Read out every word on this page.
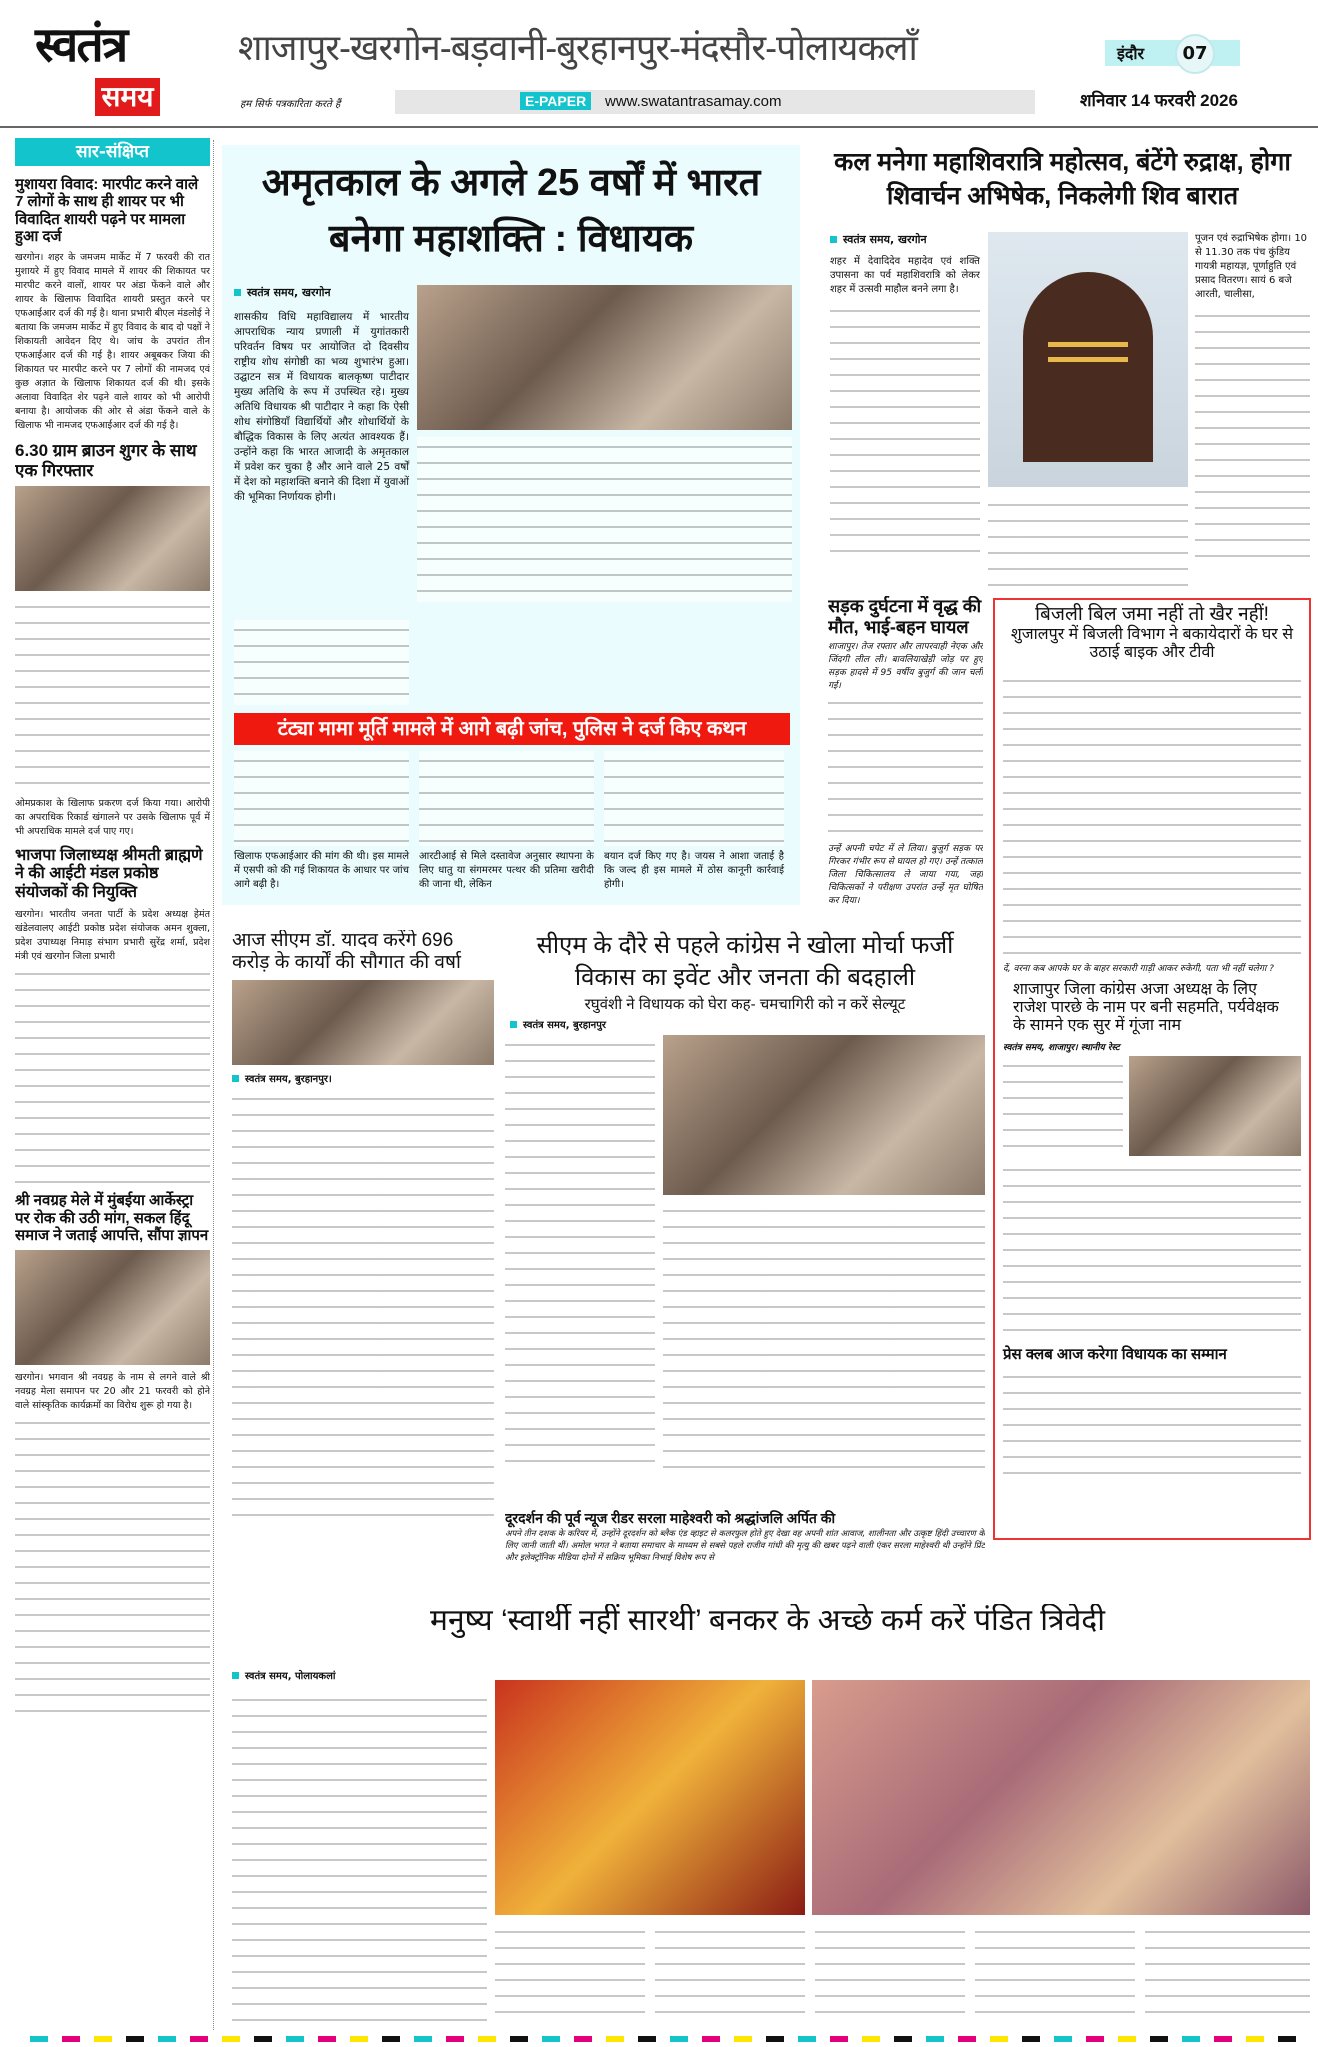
स्वतंत्र
समय
शाजापुर-खरगोन-बड़वानी-बुरहानपुर-मंदसौर-पोलायकलाँ
हम सिर्फ पत्रकारिता करते हैं	E-PAPER	www.swatantrasamay.com
इंदौर	07
शनिवार 14 फरवरी 2026
सार-संक्षिप्त
मुशायरा विवाद: मारपीट करने वाले 7 लोगों के साथ ही शायर पर भी विवादित शायरी पढ़ने पर मामला हुआ दर्ज
खरगोन। शहर के जमजम मार्केट में 7 फरवरी की रात मुशायरे में हुए विवाद मामले में शायर की शिकायत पर मारपीट करने वालों, शायर पर अंडा फेंकने वाले और शायर के खिलाफ विवादित शायरी प्रस्तुत करने पर एफआईआर दर्ज की गई है। थाना प्रभारी बीएल मंडलोई ने बताया कि जमजम मार्केट में हुए विवाद के बाद दो पक्षों ने शिकायती आवेदन दिए थे। जांच के उपरांत तीन एफआईआर दर्ज की गई है। शायर अबूबकर जिया की शिकायत पर मारपीट करने पर 7 लोगों की नामजद एवं कुछ अज्ञात के खिलाफ शिकायत दर्ज की थी। इसके अलावा विवादित शेर पढ़ने वाले शायर को भी आरोपी बनाया है। आयोजक की ओर से अंडा फेंकने वाले के खिलाफ भी नामजद एफआईआर दर्ज की गई है।
6.30 ग्राम ब्राउन शुगर के साथ एक गिरफ्तार
ओमप्रकाश के खिलाफ प्रकरण दर्ज किया गया। आरोपी का अपराधिक रिकार्ड खंगालने पर उसके खिलाफ पूर्व में भी अपराधिक मामले दर्ज पाए गए।
भाजपा जिलाध्यक्ष श्रीमती ब्राह्मणे ने की आईटी मंडल प्रकोष्ठ संयोजकों की नियुक्ति
खरगोन। भारतीय जनता पार्टी के प्रदेश अध्यक्ष हेमंत खंडेलवालए आईटी प्रकोष्ठ प्रदेश संयोजक अमन शुक्ला, प्रदेश उपाध्यक्ष निमाड़ संभाग प्रभारी सुरेंद्र शर्मा, प्रदेश मंत्री एवं खरगोन जिला प्रभारी
श्री नवग्रह मेले में मुंबईया आर्केस्ट्रा पर रोक की उठी मांग, सकल हिंदू समाज ने जताई आपत्ति, सौंपा ज्ञापन
खरगोन। भगवान श्री नवग्रह के नाम से लगने वाले श्री नवग्रह मेला समापन पर 20 और 21 फरवरी को होने वाले सांस्कृतिक कार्यक्रमों का विरोध शुरू हो गया है।
अमृतकाल के अगले 25 वर्षों में भारत बनेगा महाशक्ति : विधायक
स्वतंत्र समय, खरगोन
शासकीय विधि महाविद्यालय में भारतीय आपराधिक न्याय प्रणाली में युगांतकारी परिवर्तन विषय पर आयोजित दो दिवसीय राष्ट्रीय शोध संगोष्ठी का भव्य शुभारंभ हुआ। उद्घाटन सत्र में विधायक बालकृष्ण पाटीदार मुख्य अतिथि के रूप में उपस्थित रहे। मुख्य अतिथि विधायक श्री पाटीदार ने कहा कि ऐसी शोध संगोष्ठियाँ विद्यार्थियों और शोधार्थियों के बौद्धिक विकास के लिए अत्यंत आवश्यक हैं। उन्होंने कहा कि भारत आजादी के अमृतकाल में प्रवेश कर चुका है और आने वाले 25 वर्षों में देश को महाशक्ति बनाने की दिशा में युवाओं की भूमिका निर्णायक होगी।
टंट्या मामा मूर्ति मामले में आगे बढ़ी जांच, पुलिस ने दर्ज किए कथन
खिलाफ एफआईआर की मांग की थी। इस मामले में एसपी को की गई शिकायत के आधार पर जांच आगे बढ़ी है।
आरटीआई से मिले दस्तावेज अनुसार स्थापना के लिए धातु या संगमरमर पत्थर की प्रतिमा खरीदी की जाना थी, लेकिन
बयान दर्ज किए गए है। जयस ने आशा जताई है कि जल्द ही इस मामले में ठोस कानूनी कार्रवाई होगी।
कल मनेगा महाशिवरात्रि महोत्सव, बंटेंगे रुद्राक्ष, होगा शिवार्चन अभिषेक, निकलेगी शिव बारात
स्वतंत्र समय, खरगोन
शहर में देवादिदेव महादेव एवं शक्ति उपासना का पर्व महाशिवरात्रि को लेकर शहर में उत्सवी माहौल बनने लगा है।
पूजन एवं रुद्राभिषेक होगा। 10 से 11.30 तक पंच कुंडिय गायत्री महायज्ञ, पूर्णाहुति एवं प्रसाद वितरण। सायं 6 बजे आरती, चालीसा,
सड़क दुर्घटना में वृद्ध की मौत, भाई-बहन घायल
शाजापुर। तेज रफ्तार और लापरवाही नेएक और जिंदगी लील ली। बावलियाखेड़ी जोड़ पर हुए सड़क हादसे में 95 वर्षीय बुजुर्ग की जान चली गई।
उन्हें अपनी चपेट में ले लिया। बुजुर्ग सड़क पर गिरकर गंभीर रूप से घायल हो गए। उन्हें तत्काल जिला चिकित्सालय ले जाया गया, जहां चिकित्सकों ने परीक्षण उपरांत उन्हें मृत घोषित कर दिया।
बिजली बिल जमा नहीं तो खैर नहीं!
शुजालपुर में बिजली विभाग ने बकायेदारों के घर से उठाई बाइक और टीवी
दें, वरना कब आपके घर के बाहर सरकारी गाड़ी आकर रुकेगी, पता भी नहीं चलेगा ?
शाजापुर जिला कांग्रेस अजा अध्यक्ष के लिए राजेश पारछे के नाम पर बनी सहमति, पर्यवेक्षक के सामने एक सुर में गूंजा नाम
स्वतंत्र समय, शाजापुर। स्थानीय रेस्ट
प्रेस क्लब आज करेगा विधायक का सम्मान
आज सीएम डॉ. यादव करेंगे 696 करोड़ के कार्यों की सौगात की वर्षा
स्वतंत्र समय, बुरहानपुर।
सीएम के दौरे से पहले कांग्रेस ने खोला मोर्चा फर्जी विकास का इवेंट और जनता की बदहाली
रघुवंशी ने विधायक को घेरा कह- चमचागिरी को न करें सेल्यूट
स्वतंत्र समय, बुरहानपुर
दूरदर्शन की पूर्व न्यूज रीडर सरला माहेश्वरी को श्रद्धांजलि अर्पित की
अपने तीन दशक के करियर में, उन्होंने दूरदर्शन को ब्लैक एंड व्हाइट से कलरफुल होते हुए देखा वह अपनी शांत आवाज, शालीनता और उत्कृष्ट हिंदी उच्चारण के लिए जानी जाती थीं। अमोल भगत ने बताया समाचार के माध्यम से सबसे पहले राजीव गांधी की मृत्यु की खबर पढ़ने वाली एंकर सरला माहेश्वरी थी उन्होंने प्रिंट और इलेक्ट्रॉनिक मीडिया दोनों में सक्रिय भूमिका निभाई विशेष रूप से
मनुष्य ‘स्वार्थी नहीं सारथी’ बनकर के अच्छे कर्म करें पंडित त्रिवेदी
स्वतंत्र समय, पोलायकलां
